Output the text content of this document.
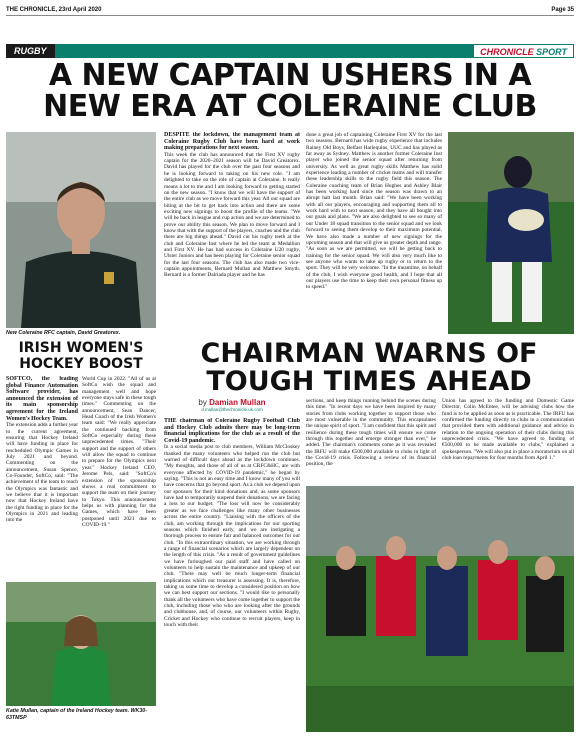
THE CHRONICLE, 23rd April 2020	Page 35
RUGBY	CHRONICLE SPORT
A NEW CAPTAIN USHERS IN A
NEW ERA AT COLERAINE CLUB
New Coleraine RFC captain, David Greatorex.

DESPITE the lockdown, the management team at Coleraine Rugby Club have been hard at work making preparations for next season.

This week the club has announced that the First XV rugby captain for the 2020–2021 season will be David Greatorex. David has played for the club over the past four seasons and he is looking forward to taking on his new role. "I am delighted to take on the role of captain at Coleraine. It really means a lot to me and I am looking forward to getting started on the new season. "I know that we will have the support of the entire club as we move forward this year. All our squad are biting at the bit to get back into action and there are some exciting new signings to boost the profile of the teams. "We will be back in league and cup action and we are determined to prove our ability this season. We plan to move forward and I know that with the support of the players, coaches and the club there are big things ahead." David cut his rugby teeth at the club and Coleraine Inst where he led the team at Medallion and First XV. He has had success in Coleraine U20 rugby, Ulster Juniors and has been playing for Coleraine senior squad for the last four seasons. The club has also made two vice-captain appointments, Bernard Mullan and Matthew Smyth. Bernard is a former Dalriada player and he has

done a great job of captaining Coleraine First XV for the last two seasons. Bernard has wide rugby experience that includes Rainey Old Boys, Belfast Harlequins, UUC and has played as far away as Sydney. Matthew is another former Coleraine Inst player who joined the senior squad after returning from university. As well as great rugby skills Matthew has solid experience leading a number of cricket teams and will transfer these leadership skills to the rugby field this season. The Coleraine coaching team of Brian Hughes and Ashley Blair has been working hard since the season was drawn to an abrupt halt last month. Brian said: "We have been working with all our players, encouraging and supporting them all to work hard with to next season, and they have all bought into our goals and plans. "We are also delighted to see so many of our Under 18 squad transition to the senior squad and we look forward to seeing them develop to their maximum potential. We have also made a number of new signings for the upcoming season and that will give us greater depth and range. "As soon as we are permitted, we will be getting back to training for the senior squad. We will also very much like to see anyone who wants to take up rugby or to return to the sport. They will be very welcome. "In the meantime, on behalf of the club, I wish everyone good health, and I hope that all our players use the time to keep their own personal fitness up to speed."

IRISH WOMEN'S HOCKEY BOOST

SOFTCO, the leading global Finance Automation Software provider, has announced the extension of its main sponsorship agreement for the Ireland Women's Hockey Team.

The extension adds a further year to the current agreement, ensuring that Hockey Ireland will have funding in place for rescheduled Olympic Games in July 2021 and beyond. Commenting on the announcement, Susan Spence, Co-Founder, SoftCo, said: "The achievement of the team to reach the Olympics was fantastic and we believe that it is important now that Hockey Ireland have the right funding in place for the Olympics in 2021 and leading into the

World Cup in 2022. "All of us at SoftCo wish the squad and management well and hope everyone stays safe in these tough times." Commenting on the announcement, Sean Dancer, Head Coach of the Irish Women's team said: "We really appreciate the continued backing from SoftCo especially during these unprecedented times. "Their support and the support of others will allow the squad to continue to prepare for the Olympics next year." Hockey Ireland CEO, Jerome Pels, said: "SoftCo's extension of the sponsorship shows a real commitment to support the team on their journey to Tokyo. This announcement helps us with planning for the Games, which have been postponed until 2021 due to COVID-19."

Katie Mullan, captain of the Ireland Hockey team. WK30-63TMSP
CHAIRMAN WARNS OF
TOUGH TIMES AHEAD
by Damian Mullan
d.mullan@thechronicle.uk.com

THE chairman of Coleraine Rugby Football Club and Hockey Club admits there may be long-term financial implications for the club as a result of the Covid-19 pandemic.

In a social media post to club members, William McCloskey thanked the many volunteers who helped run the club but warned of difficult days ahead as the lockdown continues. "My thoughts, and those of all of us at CRFC&HC, are with everyone affected by COVID-19 pandemic," he began by saying. "This is not an easy time and I know many of you will have concerns that go beyond sport. As a club we depend upon our sponsors for their kind donations and, as some sponsors have had to temporarily suspend their donations, we are facing a loss to our budget. "The loss will now be considerably greater as we face challenges like many other businesses across the entire country. "Liaising with the officers of the club, am working through the implications for our sporting seasons which finished early, and we are instigating a thorough process to ensure fair and balanced outcomes for our club. "In this extraordinary situation, we are working through a range of financial scenarios which are largely dependent on the length of this crisis. "As a result of government guidelines we have furloughed our paid staff and have called on volunteers to help sustain the maintenance and upkeep of our club. "There may well be much longer-term financial implications which our treasurer is assessing. It is, therefore, taking us some time to develop a considered position on how we can best support our sections. "I would like to personally thank all the volunteers who have come together to support the club, including those who who are looking after the grounds and clubhouse, and, of course, our volunteers within Rugby, Cricket and Hockey who continue to recruit players, keep in touch with their

sections, and keep things running behind the scenes during this time. "In recent days we have been inspired by many stories from clubs working together to support those who are most vulnerable in the community. This encapsulates the unique spirit of sport. "I am confident that this spirit and resilience during these tough times will ensure we come through this together and emerge stronger than ever," he added. The chairman's comments come as it was revealed the IRFU will make €500,000 available to clubs in light of the Covid-19 crisis. Following a review of its financial position, the

Union has agreed to the funding and Domestic Game Director, Colin McEntee, will be advising clubs how the fund is to be applied as soon as is practicable. The IRFU has confirmed the funding directly to clubs in a communication that provided them with additional guidance and advice in relation to the ongoing operation of their clubs during this unprecedented crisis. "We have agreed to funding of €500,000 to be made available to clubs," explained a spokesperson. "We will also put in place a moratorium on all club loan repayments for four months from April 1."
